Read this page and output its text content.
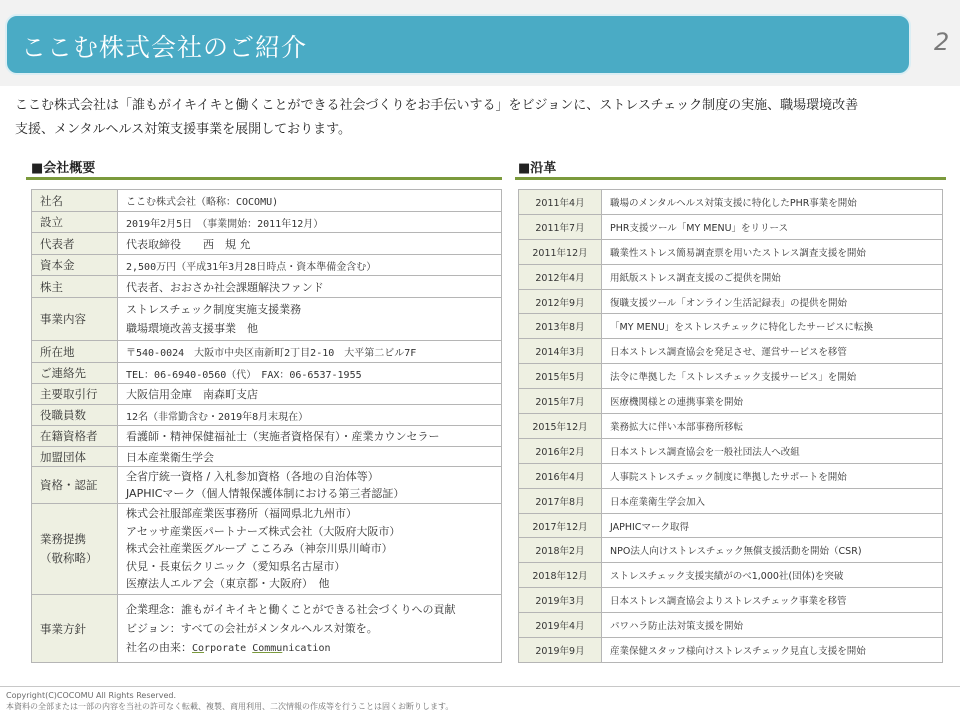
ここむ株式会社のご紹介	2
ここむ株式会社は「誰もがイキイキと働くことができる社会づくりをお手伝いする」をビジョンに、ストレスチェック制度の実施、職場環境改善
支援、メンタルヘルス対策支援事業を展開しております。
■会社概要
社名	ここむ株式会社（略称：COCOMU)
設立	2019年2月5日　（事業開始：2011年12月）
代表者	代表取締役　　西　規 允
資本金	2,500万円（平成31年3月28日時点・資本準備金含む）
株主	代表者、おおさか社会課題解決ファンド
事業内容	ストレスチェック制度実施支援業務
職場環境改善支援事業　他

所在地	〒540-0024　大阪市中央区南新町2丁目2-10　大平第二ビル7F
ご連絡先	TEL：06-6940-0560（代）　FAX：06-6537-1955
主要取引行	大阪信用金庫　南森町支店
役職員数	12名（非常勤含む・2019年8月末現在）
在籍資格者	看護師・精神保健福祉士（実施者資格保有）・産業カウンセラー
加盟団体	日本産業衛生学会
資格・認証	全省庁統一資格 / 入札参加資格（各地の自治体等）
JAPHICマーク（個人情報保護体制における第三者認証）

業務提携
（敬称略）	株式会社服部産業医事務所（福岡県北九州市）
アセッサ産業医パートナーズ株式会社（大阪府大阪市）
株式会社産業医グループ こころみ（神奈川県川崎市）
伏見・長東伝クリニック（愛知県名古屋市）
医療法人エルア会（東京都・大阪府）　他

事業方針	企業理念：誰もがイキイキと働くことができる社会づくりへの貢献
ビジョン：すべての会社がメンタルヘルス対策を。
社名の由来：Corporate Communication
■沿革
2011年4月	職場のメンタルヘルス対策支援に特化したPHR事業を開始
2011年7月	PHR支援ツール「MY MENU」をリリース
2011年12月	職業性ストレス簡易調査票を用いたストレス調査支援を開始
2012年4月	用紙版ストレス調査支援のご提供を開始
2012年9月	復職支援ツール「オンライン生活記録表」の提供を開始
2013年8月	「MY MENU」をストレスチェックに特化したサービスに転換
2014年3月	日本ストレス調査協会を発足させ、運営サービスを移管
2015年5月	法令に準拠した「ストレスチェック支援サービス」を開始
2015年7月	医療機関様との連携事業を開始
2015年12月	業務拡大に伴い本部事務所移転
2016年2月	日本ストレス調査協会を一般社団法人へ改組
2016年4月	人事院ストレスチェック制度に準拠したサポートを開始
2017年8月	日本産業衛生学会加入
2017年12月	JAPHICマーク取得
2018年2月	NPO法人向けストレスチェック無償支援活動を開始（CSR)
2018年12月	ストレスチェック支援実績がのべ1,000社(団体)を突破
2019年3月	日本ストレス調査協会よりストレスチェック事業を移管
2019年4月	パワハラ防止法対策支援を開始
2019年9月	産業保健スタッフ様向けストレスチェック見直し支援を開始
Copyright(C)COCOMU All Rights Reserved.
本資料の全部または一部の内容を当社の許可なく転載、複製、商用利用、二次情報の作成等を行うことは固くお断りします。
